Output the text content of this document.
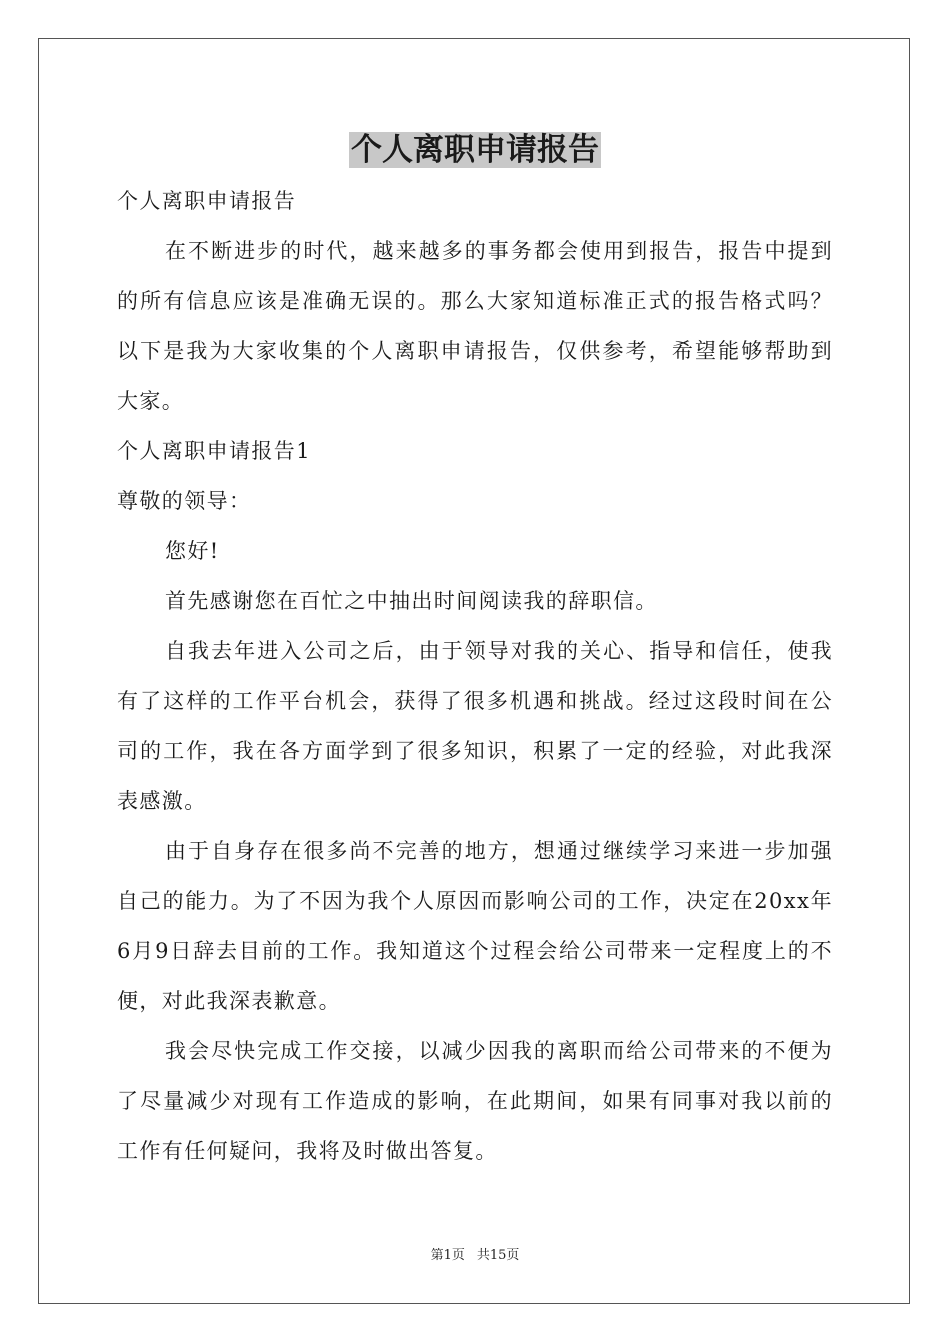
个人离职申请报告

个人离职申请报告

在不断进步的时代，越来越多的事务都会使用到报告，报告中提到的所有信息应该是准确无误的。那么大家知道标准正式的报告格式吗？以下是我为大家收集的个人离职申请报告，仅供参考，希望能够帮助到大家。

个人离职申请报告1

尊敬的领导：

您好!

首先感谢您在百忙之中抽出时间阅读我的辞职信。

自我去年进入公司之后，由于领导对我的关心、指导和信任，使我有了这样的工作平台机会，获得了很多机遇和挑战。经过这段时间在公司的工作，我在各方面学到了很多知识，积累了一定的经验，对此我深表感激。

由于自身存在很多尚不完善的地方，想通过继续学习来进一步加强自己的能力。为了不因为我个人原因而影响公司的工作，决定在20xx年6月9日辞去目前的工作。我知道这个过程会给公司带来一定程度上的不便，对此我深表歉意。

我会尽快完成工作交接，以减少因我的离职而给公司带来的不便为了尽量减少对现有工作造成的影响，在此期间，如果有同事对我以前的工作有任何疑问，我将及时做出答复。

第1页 共15页
